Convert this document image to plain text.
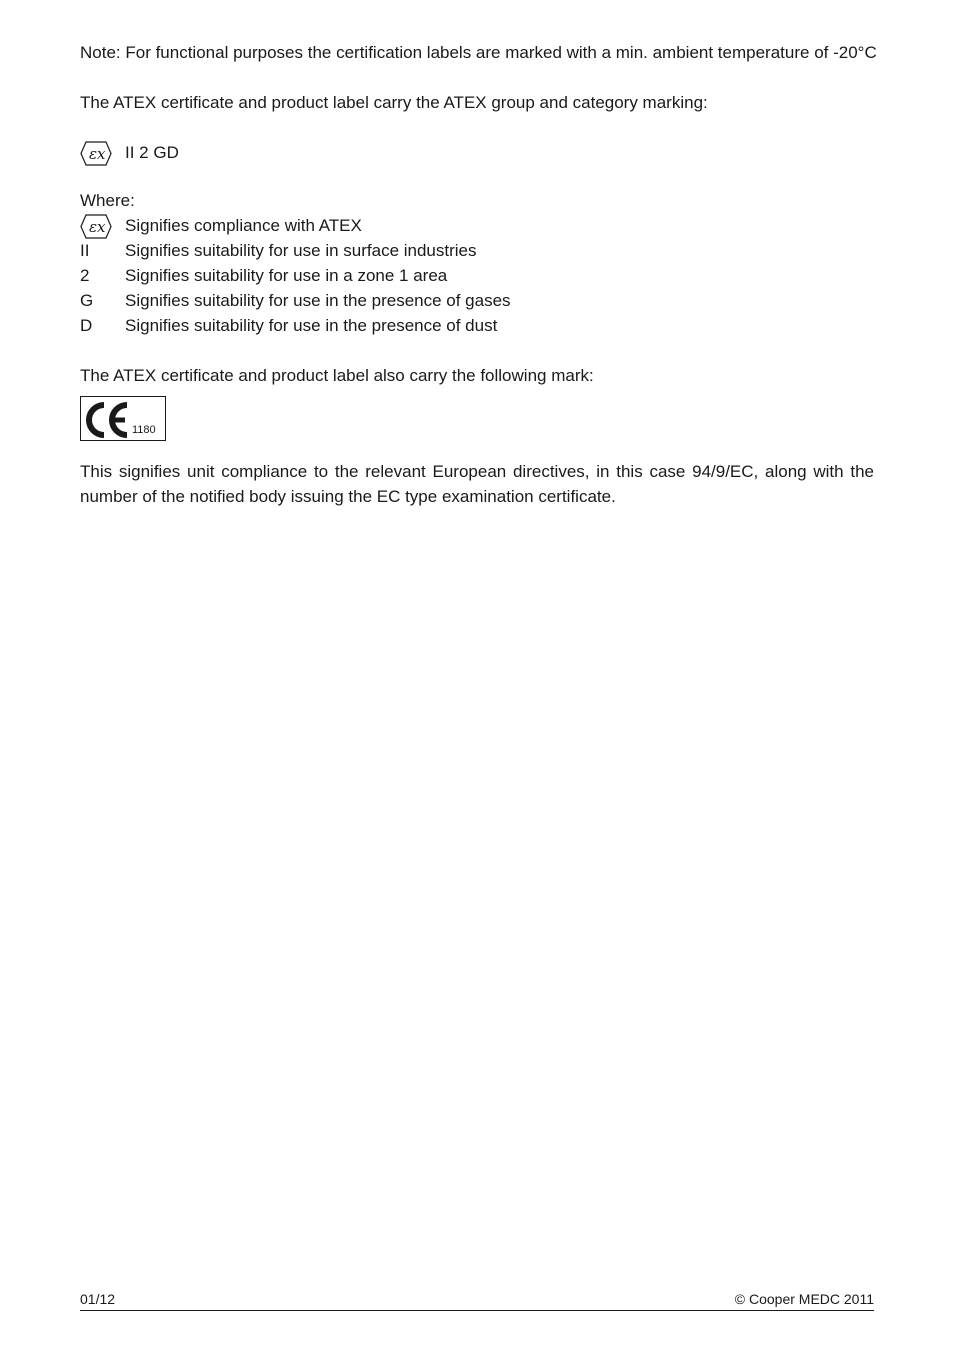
Note: For functional purposes the certification labels are marked with a min. ambient temperature of -20°C

The ATEX certificate and product label carry the ATEX group and category marking:

εx II 2 GD

Where:

εx Signifies compliance with ATEX
II	Signifies suitability for use in surface industries
2	Signifies suitability for use in a zone 1 area
G	Signifies suitability for use in the presence of gases
D	Signifies suitability for use in the presence of dust

The ATEX certificate and product label also carry the following mark:

1180

This signifies unit compliance to the relevant European directives, in this case 94/9/EC, along with the number of the notified body issuing the EC type examination certificate.

01/12	© Cooper MEDC 2011
